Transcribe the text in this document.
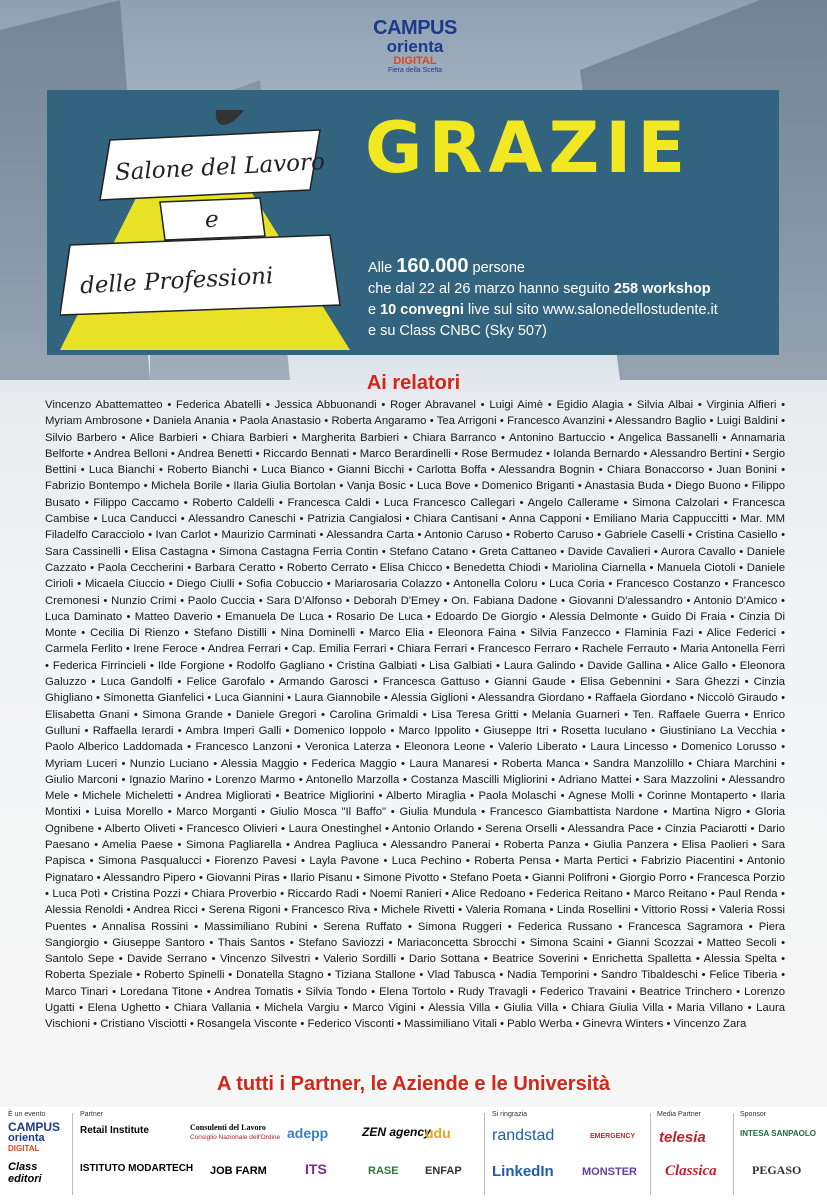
CAMPUS
orienta
DIGITAL
Fiera della Scelta
Salone del Lavoro
e
delle Professioni
GRAZIE
Alle 160.000 persone
che dal 22 al 26 marzo hanno seguito 258 workshop
e 10 convegni live sul sito www.salonedellostudente.it
e su Class CNBC (Sky 507)
Ai relatori
Vincenzo Abattematteo • Federica Abatelli • Jessica Abbuonandi • Roger Abravanel • Luigi Aimè • Egidio Alagia • Silvia Albai • Virginia Alfieri • Myriam Ambrosone • Daniela Anania • Paola Anastasio • Roberta Angaramo • Tea Arrigoni • Francesco Avanzini • Alessandro Baglio • Luigi Baldini • Silvio Barbero • Alice Barbieri • Chiara Barbieri • Margherita Barbieri • Chiara Barranco • Antonino Bartuccio • Angelica Bassanelli • Annamaria Belforte • Andrea Belloni • Andrea Benetti • Riccardo Bennati • Marco Berardinelli • Rose Bermudez • Iolanda Bernardo • Alessandro Bertini • Sergio Bettini • Luca Bianchi • Roberto Bianchi • Luca Bianco • Gianni Bicchi • Carlotta Boffa • Alessandra Bognin • Chiara Bonaccorso • Juan Bonini • Fabrizio Bontempo • Michela Borile • Ilaria Giulia Bortolan • Vanja Bosic • Luca Bove • Domenico Briganti • Anastasia Buda • Diego Buono • Filippo Busato • Filippo Caccamo • Roberto Caldelli • Francesca Caldi • Luca Francesco Callegari • Angelo Callerame • Simona Calzolari • Francesca Cambise • Luca Canducci • Alessandro Caneschi • Patrizia Cangialosi • Chiara Cantisani • Anna Capponi • Emiliano Maria Cappuccitti • Mar. MM Filadelfo Caracciolo • Ivan Carlot • Maurizio Carminati • Alessandra Carta • Antonio Caruso • Roberto Caruso • Gabriele Caselli • Cristina Casiello • Sara Cassinelli • Elisa Castagna • Simona Castagna Ferria Contin • Stefano Catano • Greta Cattaneo • Davide Cavalieri • Aurora Cavallo • Daniele Cazzato • Paola Ceccherini • Barbara Ceratto • Roberto Cerrato • Elisa Chicco • Benedetta Chiodi • Mariolina Ciarnella • Manuela Ciotoli • Daniele Cirioli • Micaela Ciuccio • Diego Ciulli • Sofia Cobuccio • Mariarosaria Colazzo • Antonella Coloru • Luca Coria • Francesco Costanzo • Francesco Cremonesi • Nunzio Crimi • Paolo Cuccia • Sara D'Alfonso • Deborah D'Emey • On. Fabiana Dadone • Giovanni D'alessandro • Antonio D'Amico • Luca Daminato • Matteo Daverio • Emanuela De Luca • Rosario De Luca • Edoardo De Giorgio • Alessia Delmonte • Guido Di Fraia • Cinzia Di Monte • Cecilia Di Rienzo • Stefano Distilli • Nina Dominelli • Marco Elia • Eleonora Faina • Silvia Fanzecco • Flaminia Fazi • Alice Federici • Carmela Ferlito • Irene Feroce • Andrea Ferrari • Cap. Emilia Ferrari • Chiara Ferrari • Francesco Ferraro • Rachele Ferrauto • Maria Antonella Ferri • Federica Firrincieli • Ilde Forgione • Rodolfo Gagliano • Cristina Galbiati • Lisa Galbiati • Laura Galindo • Davide Gallina • Alice Gallo • Eleonora Galuzzo • Luca Gandolfi • Felice Garofalo • Armando Garosci • Francesca Gattuso • Gianni Gaude • Elisa Gebennini • Sara Ghezzi • Cinzia Ghigliano • Simonetta Gianfelici • Luca Giannini • Laura Giannobile • Alessia Giglioni • Alessandra Giordano • Raffaela Giordano • Niccolò Giraudo • Elisabetta Gnani • Simona Grande • Daniele Gregori • Carolina Grimaldi • Lisa Teresa Gritti • Melania Guarneri • Ten. Raffaele Guerra • Enrico Gulluni • Raffaella Ierardi • Ambra Imperi Galli • Domenico Ioppolo • Marco Ippolito • Giuseppe Itri • Rosetta Iuculano • Giustiniano La Vecchia • Paolo Alberico Laddomada • Francesco Lanzoni • Veronica Laterza • Eleonora Leone • Valerio Liberato • Laura Lincesso • Domenico Lorusso • Myriam Luceri • Nunzio Luciano • Alessia Maggio • Federica Maggio • Laura Manaresi • Roberta Manca • Sandra Manzolillo • Chiara Marchini • Giulio Marconi • Ignazio Marino • Lorenzo Marmo • Antonello Marzolla • Costanza Mascilli Migliorini • Adriano Mattei • Sara Mazzolini • Alessandro Mele • Michele Micheletti • Andrea Migliorati • Beatrice Migliorini • Alberto Miraglia • Paola Molaschi • Agnese Molli • Corinne Montaperto • Ilaria Montixi • Luisa Morello • Marco Morganti • Giulio Mosca "Il Baffo" • Giulia Mundula • Francesco Giambattista Nardone • Martina Nigro • Gloria Ognibene • Alberto Oliveti • Francesco Olivieri • Laura Onestinghel • Antonio Orlando • Serena Orselli • Alessandra Pace • Cinzia Paciarotti • Dario Paesano • Amelia Paese • Simona Pagliarella • Andrea Pagliuca • Alessandro Panerai • Roberta Panza • Giulia Panzera • Elisa Paolieri • Sara Papisca • Simona Pasqualucci • Fiorenzo Pavesi • Layla Pavone • Luca Pechino • Roberta Pensa • Marta Pertici • Fabrizio Piacentini • Antonio Pignataro • Alessandro Pipero • Giovanni Piras • Ilario Pisanu • Simone Pivotto • Stefano Poeta • Gianni Polifroni • Giorgio Porro • Francesca Porzio • Luca Potì • Cristina Pozzi • Chiara Proverbio • Riccardo Radi • Noemi Ranieri • Alice Redoano • Federica Reitano • Marco Reitano • Paul Renda • Alessia Renoldi • Andrea Ricci • Serena Rigoni • Francesco Riva • Michele Rivetti • Valeria Romana • Linda Rosellini • Vittorio Rossi • Valeria Rossi Puentes • Annalisa Rossini • Massimiliano Rubini • Serena Ruffato • Simona Ruggeri • Federica Russano • Francesca Sagramora • Piera Sangiorgio • Giuseppe Santoro • Thais Santos • Stefano Saviozzi • Mariaconcetta Sbrocchi • Simona Scaini • Gianni Scozzai • Matteo Secoli • Santolo Sepe • Davide Serrano • Vincenzo Silvestri • Valerio Sordilli • Dario Sottana • Beatrice Soverini • Enrichetta Spalletta • Alessia Spelta • Roberta Speziale • Roberto Spinelli • Donatella Stagno • Tiziana Stallone • Vlad Tabusca • Nadia Temporini • Sandro Tibaldeschi • Felice Tiberia • Marco Tinari • Loredana Titone • Andrea Tomatis • Silvia Tondo • Elena Tortolo • Rudy Travagli • Federico Travaini • Beatrice Trinchero • Lorenzo Ugatti • Elena Ughetto • Chiara Vallania • Michela Vargiu • Marco Vigini • Alessia Villa • Giulia Villa • Chiara Giulia Villa • Maria Villano • Laura Vischioni • Cristiano Visciotti • Rosangela Visconte • Federico Visconti • Massimiliano Vitali • Pablo Werba • Ginevra Winters • Vincenzo Zara
A tutti i Partner, le Aziende e le Università
È un evento
CAMPUS
orienta
DIGITAL
Class editori
Partner
Retail Institute	Consulenti del Lavoro
Consiglio Nazionale dell'Ordine adepp	ZEN agency
udu
ISTITUTO MODARTECH JOB FARM	ITS	RASE ENFAP
Si ringrazia
randstad	EMERGENCY
LinkedIn	MONSTER
Media Partner
telesia
Classica
Sponsor
INTESA SANPAOLO
PEGASO
